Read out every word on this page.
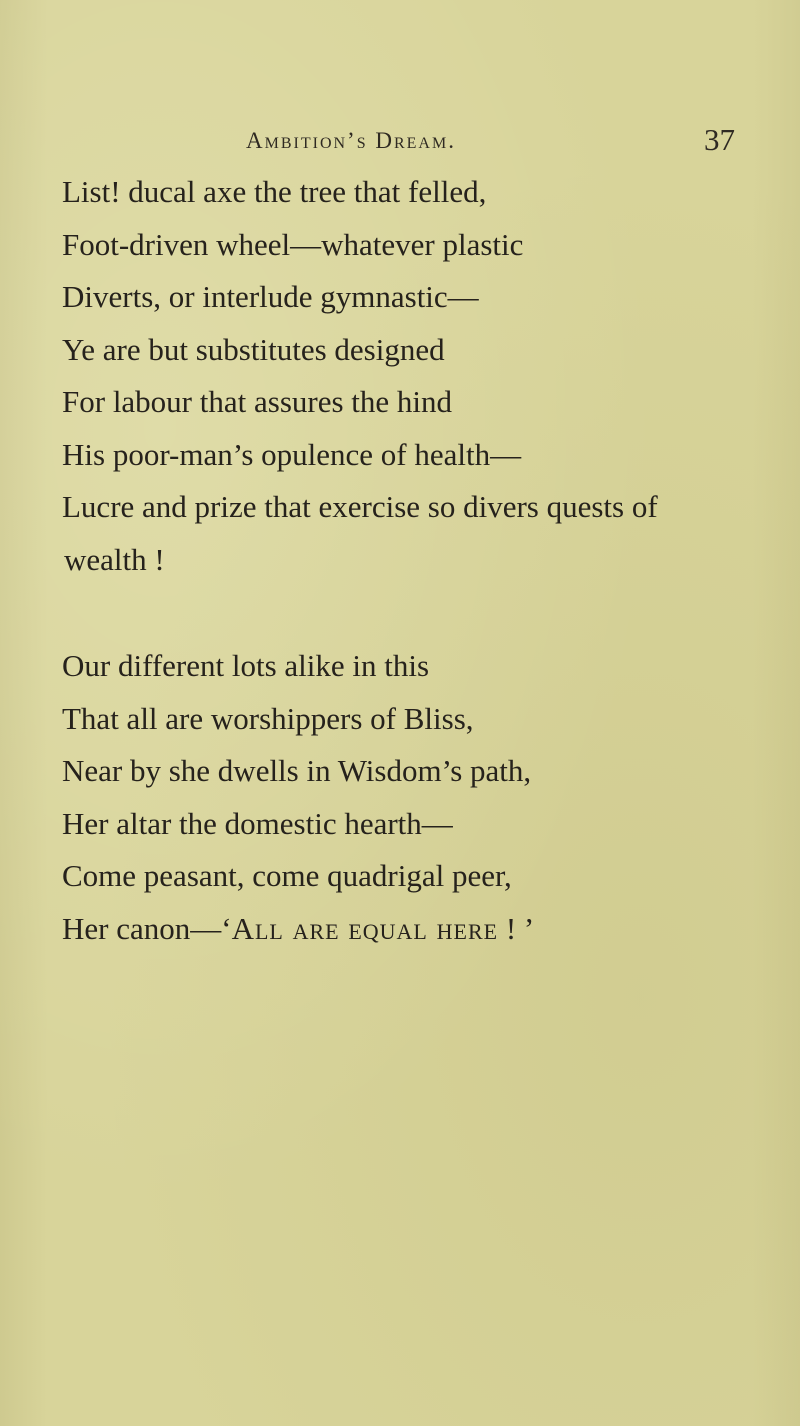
Ambition’s Dream.	37
List! ducal axe the tree that felled,
Foot-driven wheel—whatever plastic
Diverts, or interlude gymnastic—
Ye are but substitutes designed
For labour that assures the hind
His poor-man’s opulence of health—
Lucre and prize that exercise so divers quests of
wealth !
Our different lots alike in this
That all are worshippers of Bliss,
Near by she dwells in Wisdom’s path,
Her altar the domestic hearth—
Come peasant, come quadrigal peer,
Her canon—‘All are equal here ! ’
